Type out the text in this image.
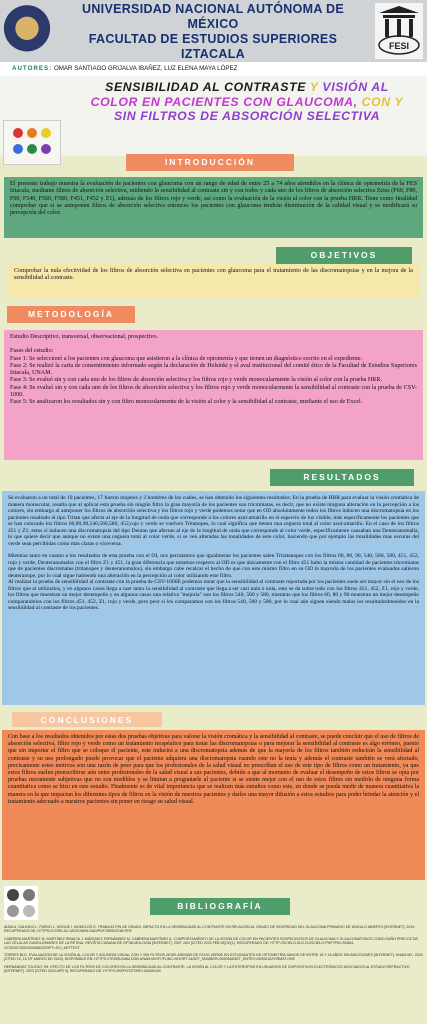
UNIVERSIDAD NACIONAL AUTÓNOMA DE
MÉXICO
FACULTAD DE ESTUDIOS SUPERIORES
IZTACALA
FESI
AUTORES: OMAR SANTIAGO GRIJALVA IBAÑEZ, LUZ ELENA MAYA LÓPEZ
SENSIBILIDAD AL CONTRASTE Y VISIÓN AL
COLOR EN PACIENTES CON GLAUCOMA, CON Y
SIN FILTROS DE ABSORCIÓN SELECTIVA
INTRODUCCIÓN

El presente trabajo muestra la evaluación de pacientes con glaucoma con un rango de edad de entre 25 a 74 años atendidos en la clínica de optometría de la FES Iztacala, mediante filtros de absorción selectiva, midiendo la sensibilidad al contraste sin y con todos y cada uno de los filtros de absorción selectiva Zeiss (F60, F80, F90, F540, F560, F580, F451, F452 y Z1), además de los filtros rojo y verde, así como la evaluación de la visión al color con la prueba HRR. Tiene como finalidad comprobar que si se anteponen filtros de absorción selectiva entonces los pacientes con glaucoma tendrán disminución de la calidad visual y se modificará su percepción del color.

OBJETIVOS

Comprobar la nula efectividad de los filtros de absorción selectiva en pacientes con glaucoma para el tratamiento de las discromatopsias y en la mejora de la sensibilidad al contraste.

METODOLOGÍA

Estudio Descriptivo, transversal, observacional, prospectivo.

Fases del estudio:

Fase 1: Se seleccionó a los pacientes con glaucoma que asistieron a la clínica de optometría y que tienen un diagnóstico escrito en el expediente.

Fase 2: Se realizó la carta de consentimiento informado según la declaración de Helsinki y el aval institucional del comité ético de la Facultad de Estudios Superiores Iztacala, UNAM.

Fase 3: Se evaluó sin y con cada uno de los filtros de absorción selectiva y los filtros rojo y verde monocularmente la visión al color con la prueba HRR.

Fase 4: Se evaluó sin y con cada uno de los filtros de absorción selectiva y los filtros rojo y verde monocularmente la sensibilidad al contraste con la prueba de CSV-1000.

Fase 5: Se analizaron los resultados sin y con filtro monocularmente de la visión al color y la sensibilidad al contraste, mediante el uso de Excel.

RESULTADOS

Se evaluaron a un total de 19 pacientes, 17 fueron mujeres y 2 hombres de los cuales, se han obtenido los siguientes resultados: En la prueba de HRR para evaluar la visión cromática de manera monocular, resalta que al aplicar esta prueba sin ningún filtro la gran mayoría de los pacientes son tricromatas, es decir, que no existe ninguna alteración en la percepción a los colores, sin embargo al anteponer los filtros de absorción selectiva y los filtros rojo y verde podemos notar que en OD absolutamente todos los filtros inducen una discromatopsia en los pacientes resaltado el tipo Tritan que afecta al eje de la longitud de onda que corresponde a los colores azul-amarillo en el espectro de luz visible, más específicamente los pacientes que se han colocado los filtros 60,80,90,540,560,580, 452,rojo y verde se vuelven Tritanopes, lo cual significa que tienen una ceguera total al color azul-amarillo. En el caso de los filtros 451 y Z1, estos sí inducen una discromatopsia del tipo Deutan que afectan al eje de la longitud de onda que corresponde al color verde, específicamente causaban una Deuteranomalía, lo que quiere decir que aunque no existe una ceguera total al color verde, sí se ven alteradas las tonalidades de este color, haciendo que por ejemplo las tonalidades mas oscuras del verde sean percibidas como más claras o viceversa.

Mientras tanto en cuanto a los resultados de esta prueba con el OI, nos percatamos que igualmente los pacientes salen Tritatanopes con los filtros 60, 80, 90, 540, 560, 580, 451, 452, rojo y verde, Deuteranomalos con el filtro Z1 y 451, la gran diferencia que notamos respecto al OD es que únicamente con el filtro 451 hubo la misma cantidad de pacientes tricromatas que de pacientes discromatas (tritanopes y deuteranomalos), sin embargo cabe recalcar el hecho de que con este mismo filtro en su OD la mayoría de los pacientes evaluados salieron deuteranope, por lo cual sigue habiendo una alteración en la percepción al color utilizando este filtro.

Al realizar la prueba de sensibilidad al contraste con la prueba de CSV-1000E podemos notar que la sensibilidad al contraste reportada por los pacientes suele ser mayor sin el uso de los filtros que al utilizarlos, y en algunos casos llega a caer tanto la sensibilidad al contraste que llega a ser casi nula o nula, esto se da sobre todo con los filtros 451, 452, Z1, rojo y verde, los filtros que muestran un mejor desempeño y en algunos casos una relativa "mejoría" son los filtros 540, 560 y 580, mientras que los filtros 60, 80 y 90 muestran un mejor desempeño comparandolos con los filtros 451, 452, Z1, rojo y verde, pero peor si los comparamos con los filtros 540, 560 y 580, por lo cual aún siguen siendo malos los resultadosbtenidos en la sensibilidad al contraste de los pacientes.

CONCLUSIONES

Con base a los resultados obtenidos por estas dos pruebas objetivas para valorar la visión cromática y la sensibilidad al contraste, se puede concluir que el uso de filtros de absorción selectiva, filtro rojo y verde como un tratamiento terapéutico para tratar las discromatopsias o para mejorar la sensibilidad al contraste es algo erróneo, puesto que sin importar el filtro que se coloque el paciente, este inducirá a una discromatopsia además de que la mayoría de los filtros también reducirán la sensibilidad al contraste y su uso prolongado puede provocar que el paciente adquiera una discromatopsia cuando este no la tenía y además el contraste también se verá afectado, precisamente estos motivos son una razón de peso para que los profesionales de la salud visual no prescriban el uso de este tipo de filtros como un tratamiento, ya que estos filtros suelen preescribirse aún entre profesionales de la salud visual a sus pacientes, debido a que al momento de evaluar el desempeño de estos filtros se opta por pruebas meramente subjetivas que no son medibles y se limitan a preguntarle al paciente si se siente mejor con el uso de estos filtros sin medirlo de ninguna forma cuantitativa como se hizo en este estudio. Finalmente es de vital importancia que se realicen más estudios como este, en donde se pueda medir de manera cuantitativa la manera en la que impactan los diferentes tipos de filtros en la visión de nuestros pacientes y darles una mayor difusión a estos estudios para poder brindar la atención y el tratamiento adecuado a nuestros pacientes sin poner en riesgo su salud visual.

BIBLIOGRAFÍA

ALBA A, GALINDO L, PARDO L, NOGUE I, MONCLÚS G. TRABAJO FIN DE GRADO. IMPACTO EN LA SENSIBILIDAD AL CONTRASTE EN RELACIÓN AL GRADO DE SEVERIDAD DEL GLAUCOMA PRIMARIO DE ÁNGULO ABIERTO [INTERNET]. 2019. RECUPERADO DE: HTTPS://CORE.AC.UK/DOWNLOAD/PDF/289922180.PDF

CABRERA MARTÍNEZ M, MARTÍNEZ RIBALTA J, MÁRQUEZ FERNÁNDEZ M, CABRERA MARTÍNEZ A. COMPORTAMIENTO DE LA VISIÓN DE COLOR EN PACIENTES SOSPECHOSOS DE GLAUCOMA Y GLAUCOMATOSOS COMO DAÑO PRECOZ DE LAS CÉLULAS GANGLIONARES DE LA RETINA. REVISTA CUBANA DE OFTALMOLOGÍA [INTERNET]. 2007 JUN [CITED 2024 FEB 28];20(1). RECUPERADO DE: HTTP://SCIELO.SLD.CU/SCIELO.PHP?PID=S0864-21762007000100008&SCRIPT=SCI_ARTTEXT

TORRES BLD. EVALUACIÓN DE LA VISIÓN AL COLOR Y AGUDEZA VISUAL CON Y SIN FILTROS ZEISS ADEMÁS DE ROJO-VERDE EN ESTUDIANTES DE OPTOMETRÍA SANOS DE ENTRE 18 Y 24 AÑOS SIN ADICCIONES [INTERNET]. UNAM.MX. 2024 [CITED 15, 15 OF MARZO DE 2024]. DISPONIBLE EN: HTTPS://TESISUNAM.DGB.UNAM.MX/F/?FUNC=SHORT-3&SET_NUMBER=009065&SET_ENTRY=000001&FORMAT=999

HERNÁNDEZ TOLEDO YM. EFECTO DE LOS FILTROS DE COLORES EN LA SENSIBILIDAD AL CONTRASTE, LA VISIÓN AL COLOR Y LA ESTEROPSIS EN USUARIOS DE DISPOSITIVOS ELECTRÓNICOS ASOCIADOS AL ESTADO REFRACTIVO [INTERNET]. 2023 [CITED 2024 APR 9]. RECUPERADO DE: HTTPS://REPOSITORIO.UNAM.MX
